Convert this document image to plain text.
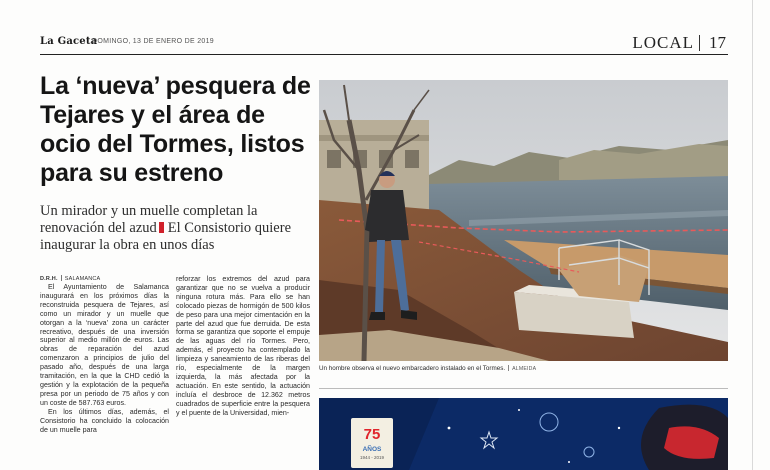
La Gaceta
DOMINGO, 13 DE ENERO DE 2019	LOCAL 17
La ‘nueva’ pesquera de Tejares y el área de ocio del Tormes, listos para su estreno
Un mirador y un muelle completan la renovación del azud El Consistorio quiere inaugurar la obra en unos días
D.R.H. SALAMANCA

El Ayuntamiento de Salamanca inaugurará en los próximos días la reconstruida pesquera de Tejares, así como un mirador y un muelle que otorgan a la ‘nueva’ zona un carácter recreativo, después de una inversión superior al medio millón de euros. Las obras de reparación del azud comenzaron a principios de julio del pasado año, después de una larga tramitación, en la que la CHD cedió la gestión y la explotación de la pequeña presa por un periodo de 75 años y con un coste de 587.763 euros.

En los últimos días, además, el Consistorio ha concluido la colocación de un muelle para

reforzar los extremos del azud para garantizar que no se vuelva a producir ninguna rotura más. Para ello se han colocado piezas de hormigón de 500 kilos de peso para una mejor cimentación en la parte del azud que fue derruida. De esta forma se garantiza que soporte el empuje de las aguas del río Tormes. Pero, además, el proyecto ha contemplado la limpieza y saneamiento de las riberas del río, especialmente de la margen izquierda, la más afectada por la actuación. En este sentido, la actuación incluía el desbroce de 12.362 metros cuadrados de superficie entre la pesquera y el puente de la Universidad, mien-

Un hombre observa el nuevo embarcadero instalado en el Tormes. ALMEIDA
75
AÑOS
1944 - 2019
